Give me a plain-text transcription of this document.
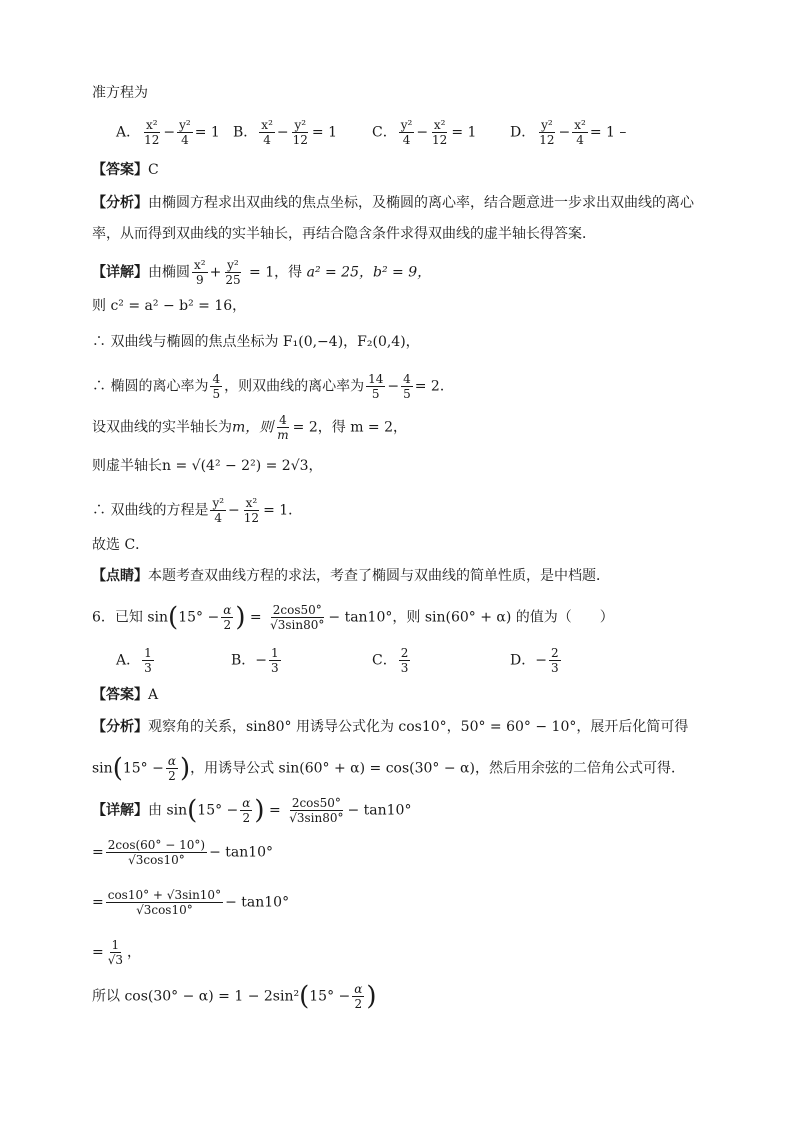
准方程为
A． $\frac{\text{x²}}{12} - \frac{\text{y²}}{4} = 1$ B． $\frac{\text{x²}}{4} - \frac{\text{y²}}{12} = 1$	C． $\frac{\text{y²}}{4} - \frac{\text{x²}}{12} = 1$ D． $\frac{\text{y²}}{12} - \frac{\text{x²}}{4} = 1$ –
【答案】C
【分析】由椭圆方程求出双曲线的焦点坐标，及椭圆的离心率，结合题意进一步求出双曲线的离心
率，从而得到双曲线的实半轴长，再结合隐含条件求得双曲线的虚半轴长得答案．
【详解】由椭圆 $\frac{\text{x²}}{9} + \frac{\text{y²}}{25} = 1$，得 a² = 25，b² = 9，
则 c² = a² − b² = 16，
∴ 双曲线与椭圆的焦点坐标为 F₁(0,−4)，F₂(0,4)，
∴ 椭圆的离心率为 $\frac{4}{5}$ ，则双曲线的离心率为 $\frac{14}{5} - \frac{4}{5} = 2$．
设双曲线的实半轴长为m，则 $\frac{4}{m} = 2$，得 m = 2，
则虚半轴长n = √(4² − 2²) = 2√3，
∴ 双曲线的方程是 $\frac{\text{y²}}{4} - \frac{\text{x²}}{12} = 1$．
故选 C．
【点睛】本题考查双曲线方程的求法，考查了椭圆与双曲线的简单性质，是中档题．
6．已知 $\sin(15^\circ - \frac{\alpha}{2}$ ) = $\frac{2\cos 50^\circ}{√3\sin 80^\circ} - \tan 10^\circ$，则 sin(60° + α) 的值为（　　）
A． $\frac{1}{3}$	B．− $\frac{1}{3}$	C． $\frac{2}{3}$	D．− $\frac{2}{3}$
【答案】A
【分析】观察角的关系，sin80° 用诱导公式化为 cos10°，50° = 60° − 10°，展开后化简可得
$\sin(15^\circ - \frac{\alpha}{2}$ )，用诱导公式 sin(60° + α) = cos(30° − α)，然后用余弦的二倍角公式可得．
【详解】由 $\sin(15^\circ - \frac{\alpha}{2}$ ) = $\frac{2\cos 50^\circ}{√3\sin 80^\circ} - \tan 10^\circ$
= $\frac{2\cos(60^\circ - 10^\circ)}{√3\cos 10^\circ} - \tan 10^\circ$
= $\frac{\cos 10^\circ + √3\sin 10^\circ}{√3\cos 10^\circ} - \tan 10^\circ$
= $\frac{1}{√3}$ ，
所以 $\cos(30^\circ - \alpha) = 1 - 2\sin^2(15^\circ - \frac{\alpha}{2}$ )
